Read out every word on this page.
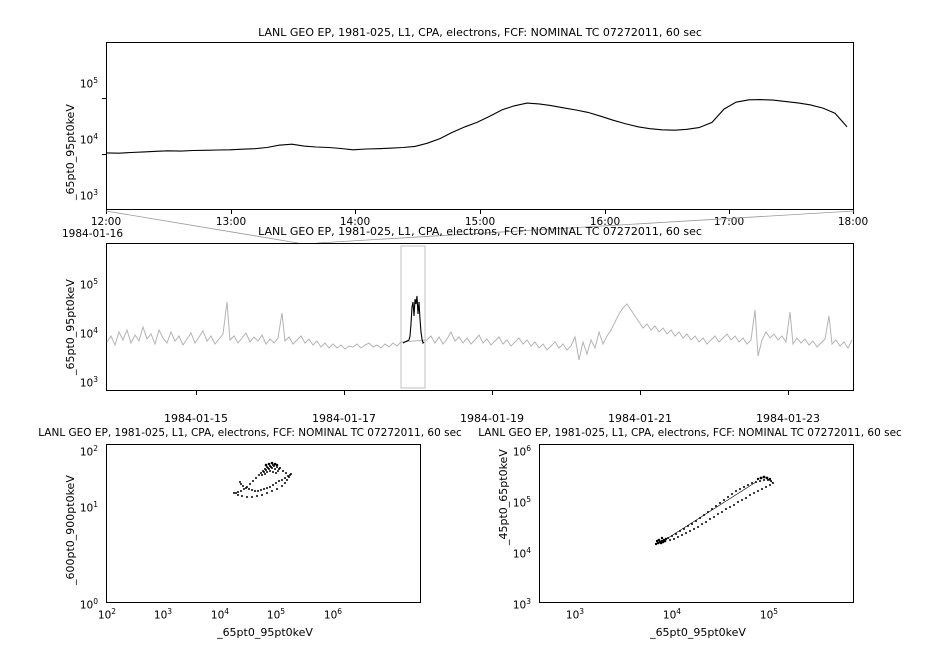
LANL GEO EP, 1981-025, L1, CPA, electrons, FCF: NOMINAL TC 07272011, 60 sec
_65pt0_95pt0keV
12:00	13:00	14:00	15:00	16:00	17:00	18:00
$10^5$
$10^4$
$10^3$
LANL GEO EP, 1981-025, L1, CPA, electrons, FCF: NOMINAL TC 07272011, 60 sec
_65pt0_95pt0keV
1984-01-16
1984-01-15	1984-01-17	1984-01-19	1984-01-21	1984-01-23
$10^5$
$10^4$
$10^3$
LANL GEO EP, 1981-025, L1, CPA, electrons, FCF: NOMINAL TC 07272011, 60 sec
_600pt0_900pt0keV
_65pt0_95pt0keV
$10^2$	$10^3$	$10^4$	$10^5$	$10^6$
$10^2$
$10^1$
$10^0$
LANL GEO EP, 1981-025, L1, CPA, electrons, FCF: NOMINAL TC 07272011, 60 sec
_45pt0_65pt0keV
_65pt0_95pt0keV
$10^3$	$10^4$	$10^5$
$10^6$
$10^5$
$10^4$
$10^3$
